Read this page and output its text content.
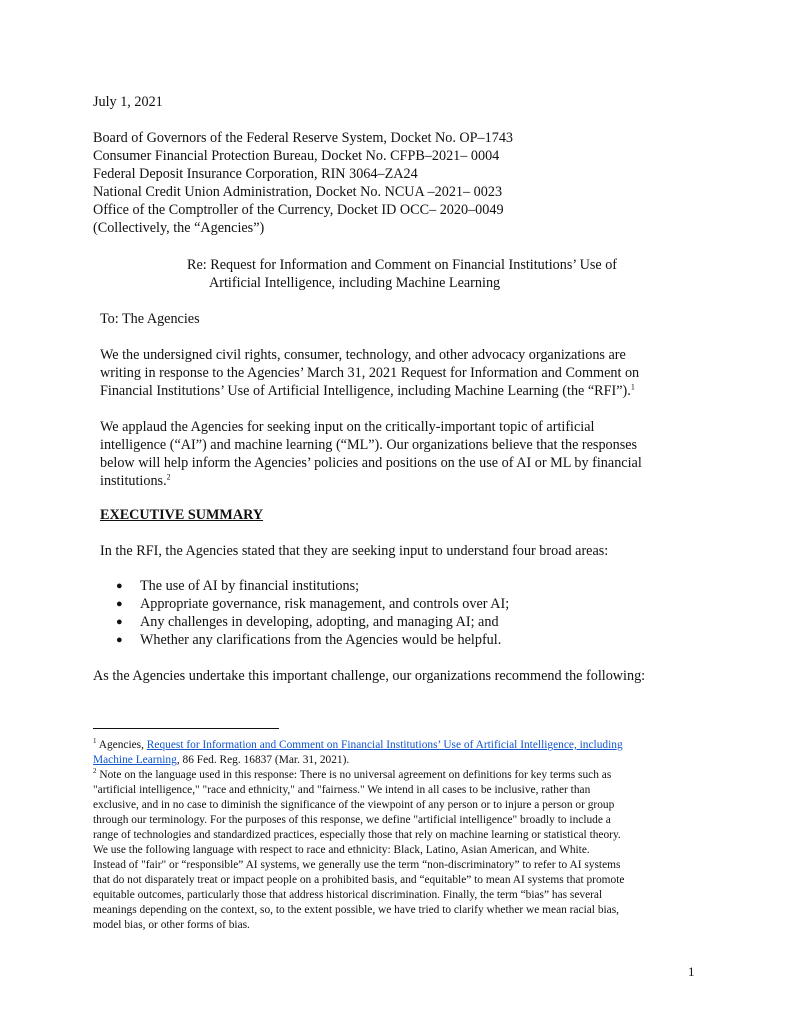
July 1, 2021
Board of Governors of the Federal Reserve System, Docket No. OP–1743
Consumer Financial Protection Bureau, Docket No. CFPB–2021– 0004
Federal Deposit Insurance Corporation, RIN 3064–ZA24
National Credit Union Administration, Docket No. NCUA –2021– 0023
Office of the Comptroller of the Currency, Docket ID OCC– 2020–0049
(Collectively, the “Agencies”)
Re: Request for Information and Comment on Financial Institutions’ Use of
Artificial Intelligence, including Machine Learning
To: The Agencies
We the undersigned civil rights, consumer, technology, and other advocacy organizations are
writing in response to the Agencies’ March 31, 2021 Request for Information and Comment on
Financial Institutions’ Use of Artificial Intelligence, including Machine Learning (the “RFI”).$^1$
We applaud the Agencies for seeking input on the critically-important topic of artificial
intelligence (“AI”) and machine learning (“ML”). Our organizations believe that the responses
below will help inform the Agencies’ policies and positions on the use of AI or ML by financial
institutions.$^2$
EXECUTIVE SUMMARY
In the RFI, the Agencies stated that they are seeking input to understand four broad areas:
● The use of AI by financial institutions;
● Appropriate governance, risk management, and controls over AI;
● Any challenges in developing, adopting, and managing AI; and
● Whether any clarifications from the Agencies would be helpful.
As the Agencies undertake this important challenge, our organizations recommend the following:
$^1$ Agencies, Request for Information and Comment on Financial Institutions’ Use of Artificial Intelligence, including
Machine Learning, 86 Fed. Reg. 16837 (Mar. 31, 2021).
$^2$ Note on the language used in this response: There is no universal agreement on definitions for key terms such as
"artificial intelligence," "race and ethnicity," and "fairness." We intend in all cases to be inclusive, rather than
exclusive, and in no case to diminish the significance of the viewpoint of any person or to injure a person or group
through our terminology. For the purposes of this response, we define "artificial intelligence" broadly to include a
range of technologies and standardized practices, especially those that rely on machine learning or statistical theory.
We use the following language with respect to race and ethnicity: Black, Latino, Asian American, and White.
Instead of "fair" or “responsible” AI systems, we generally use the term “non-discriminatory” to refer to AI systems
that do not disparately treat or impact people on a prohibited basis, and “equitable” to mean AI systems that promote
equitable outcomes, particularly those that address historical discrimination. Finally, the term “bias” has several
meanings depending on the context, so, to the extent possible, we have tried to clarify whether we mean racial bias,
model bias, or other forms of bias.
1
